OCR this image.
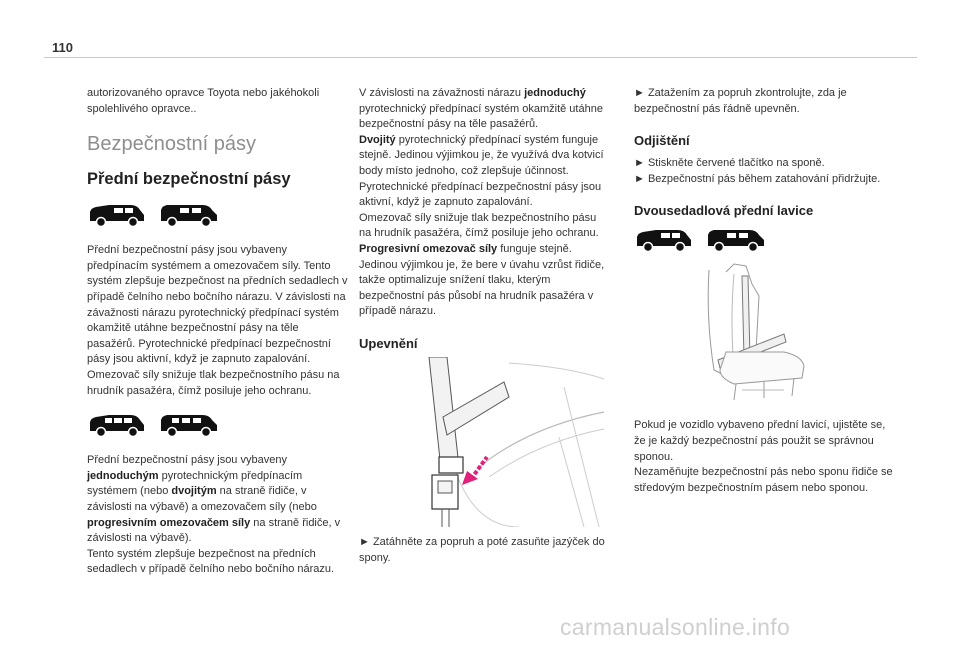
110

autorizovaného opravce Toyota nebo jakéhokoli spolehlivého opravce..

Bezpečnostní pásy
Přední bezpečnostní pásy

Přední bezpečnostní pásy jsou vybaveny předpínacím systémem a omezovačem síly. Tento systém zlepšuje bezpečnost na předních sedadlech v případě čelního nebo bočního nárazu. V závislosti na závažnosti nárazu pyrotechnický předpínací systém okamžitě utáhne bezpečnostní pásy na těle pasažérů. Pyrotechnické předpínací bezpečnostní pásy jsou aktivní, když je zapnuto zapalování. Omezovač síly snižuje tlak bezpečnostního pásu na hrudník pasažéra, čímž posiluje jeho ochranu.

Přední bezpečnostní pásy jsou vybaveny jednoduchým pyrotechnickým předpínacím systémem (nebo dvojitým na straně řidiče, v závislosti na výbavě) a omezovačem síly (nebo progresivním omezovačem síly na straně řidiče, v závislosti na výbavě).
Tento systém zlepšuje bezpečnost na předních sedadlech v případě čelního nebo bočního nárazu.

V závislosti na závažnosti nárazu jednoduchý pyrotechnický předpínací systém okamžitě utáhne bezpečnostní pásy na těle pasažérů.
Dvojitý pyrotechnický předpínací systém funguje stejně. Jedinou výjimkou je, že využívá dva kotvicí body místo jednoho, což zlepšuje účinnost.
Pyrotechnické předpínací bezpečnostní pásy jsou aktivní, když je zapnuto zapalování.
Omezovač síly snižuje tlak bezpečnostního pásu na hrudník pasažéra, čímž posiluje jeho ochranu.
Progresivní omezovač síly funguje stejně. Jedinou výjimkou je, že bere v úvahu vzrůst řidiče, takže optimalizuje snížení tlaku, kterým bezpečnostní pás působí na hrudník pasažéra v případě nárazu.

Upevnění

► Zatáhněte za popruh a poté zasuňte jazýček do spony.

► Zatažením za popruh zkontrolujte, zda je bezpečnostní pás řádně upevněn.

Odjištění

► Stiskněte červené tlačítko na sponě.
► Bezpečnostní pás během zatahování přidržujte.

Dvousedadlová přední lavice

Pokud je vozidlo vybaveno přední lavicí, ujistěte se, že je každý bezpečnostní pás použit se správnou sponou.
Nezaměňujte bezpečnostní pás nebo sponu řidiče se středovým bezpečnostním pásem nebo sponou.

carmanualsonline.info
